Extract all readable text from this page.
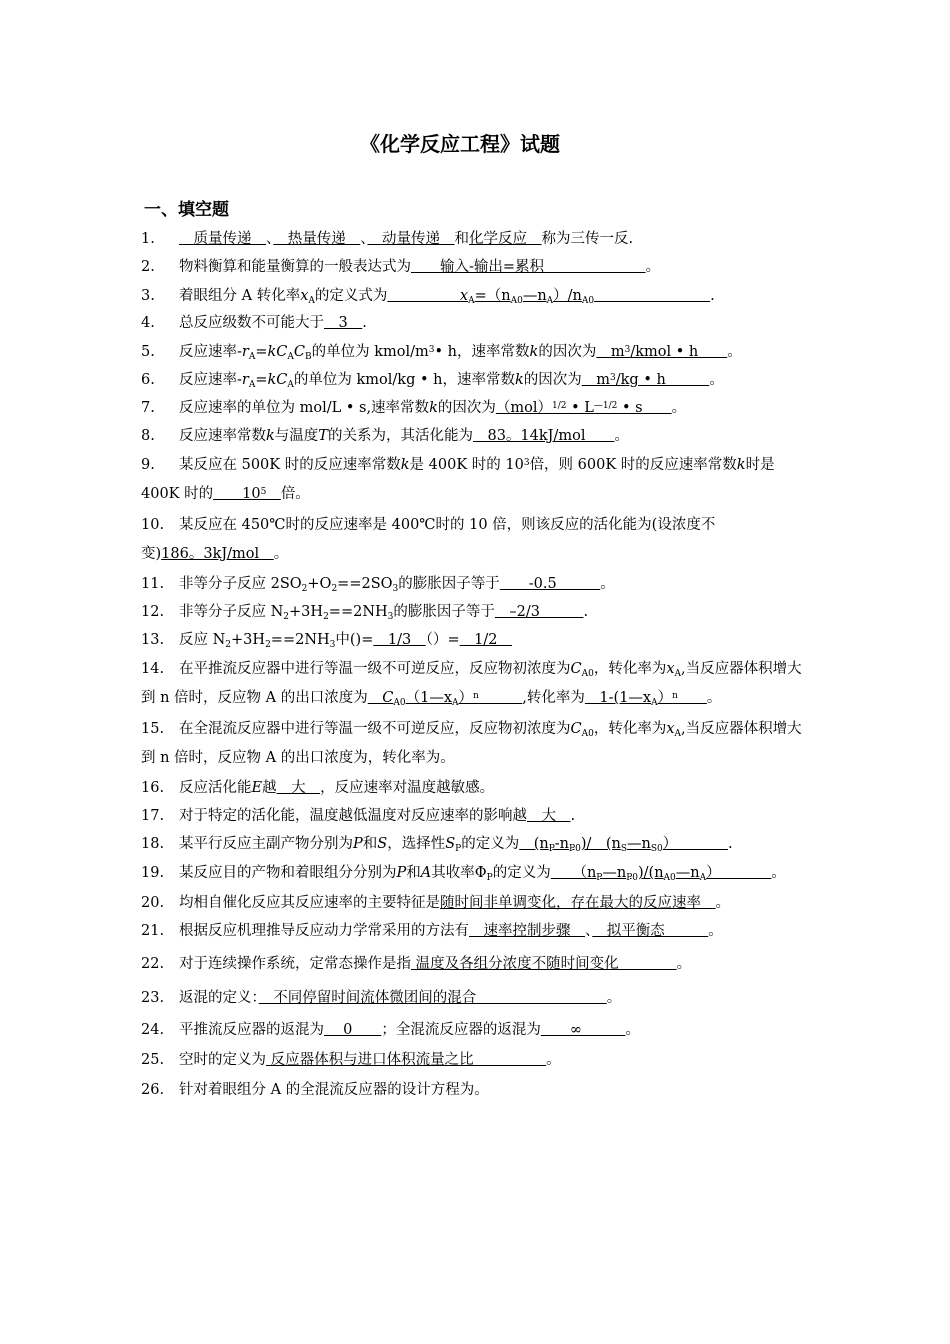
《化学反应工程》试题
一、填空题
1.　质量传递　、　热量传递　、　动量传递　和化学反应　称为三传一反.
2. 物料衡算和能量衡算的一般表达式为　　输入-输出=累积　　　　　　　。
3. 着眼组分 A 转化率$x_A$的定义式为　　　　　$x_A=(n_{A0}—n_A)/n_{A0}$　　　　　　　　	.
4. 总反应级数不可能大于　3　.
5. 反应速率$-r_A=kC_AC_B$的单位为 kmol/$m^3•$ h，速率常数k的因次为　$m^3$/kmol • h　　。
6. 反应速率$-r_A=kC_A$的单位为 kmol/kg • h，速率常数k的因次为　$m^3/kg$ • h　　　。
7. 反应速率的单位为 mol/L • s,速率常数k的因次为（mol）$^{1/2}$ • $L^{—1/2}$ • s　　。
8. 反应速率常数k与温度T的关系为，其活化能为　83。14kJ/mol　　。
9. 某反应在 500K 时的反应速率常数k是 400K 时的 $10^3$倍，则 600K 时的反应速率常数k时是 400K 时的　　$10^5$　 倍。
10. 某反应在 450℃时的反应速率是 400℃时的 10 倍，则该反应的活化能为(设浓度不变)186。3kJ/mol　。
11. 非等分子反应 $2SO_2+O_2==2SO_3$的膨胀因子等于　　-0.5　　　。
12. 非等分子反应 $N_2+3H_2==2NH_3$的膨胀因子等于　–2/3　　　.
13. 反应 $N_2+3H_2==2NH_3$中()=　1/3　（）=　1/2　
14. 在平推流反应器中进行等温一级不可逆反应，反应物初浓度为$C_{A0}$，转化率为$x_A$,当反应器体积增大到 n 倍时，反应物 A 的出口浓度为　$C_{A0}(1—x_A)^n$　　　	,转化率为　$1-(1—x_A)^n$　　 。
15. 在全混流反应器中进行等温一级不可逆反应，反应物初浓度为$C_{A0}$，转化率为$x_A$,当反应器体积增大到 n 倍时，反应物 A 的出口浓度为，转化率为。
16. 反应活化能E越　大　，反应速率对温度越敏感。
17. 对于特定的活化能，温度越低温度对反应速率的影响越　大　.
18. 某平行反应主副产物分别为P和S，选择性$S_P$的定义为　$(n_P-n_{P0})/$　$(n_S—n_{S0})$　　　　.
19. 某反应目的产物和着眼组分分别为P和A其收率$\Phi_P$的定义为　　$(n_P—n_{P0})/(n_{A0}—n_A)$　　　　。
20. 均相自催化反应其反应速率的主要特征是随时间非单调变化，存在最大的反应速率　。
21. 根据反应机理推导反应动力学常采用的方法有　速率控制步骤　、　拟平衡态　　　。
22. 对于连续操作系统，定常态操作是指 温度及各组分浓度不随时间变化　　　　。
23. 返混的定义：　不同停留时间流体微团间的混合　　　　　　　　　。
24. 平推流反应器的返混为　 0　　；全混流反应器的返混为　　∞　　　。
25. 空时的定义为 反应器体积与进口体积流量之比　　　　　。
26. 针对着眼组分 A 的全混流反应器的设计方程为。
